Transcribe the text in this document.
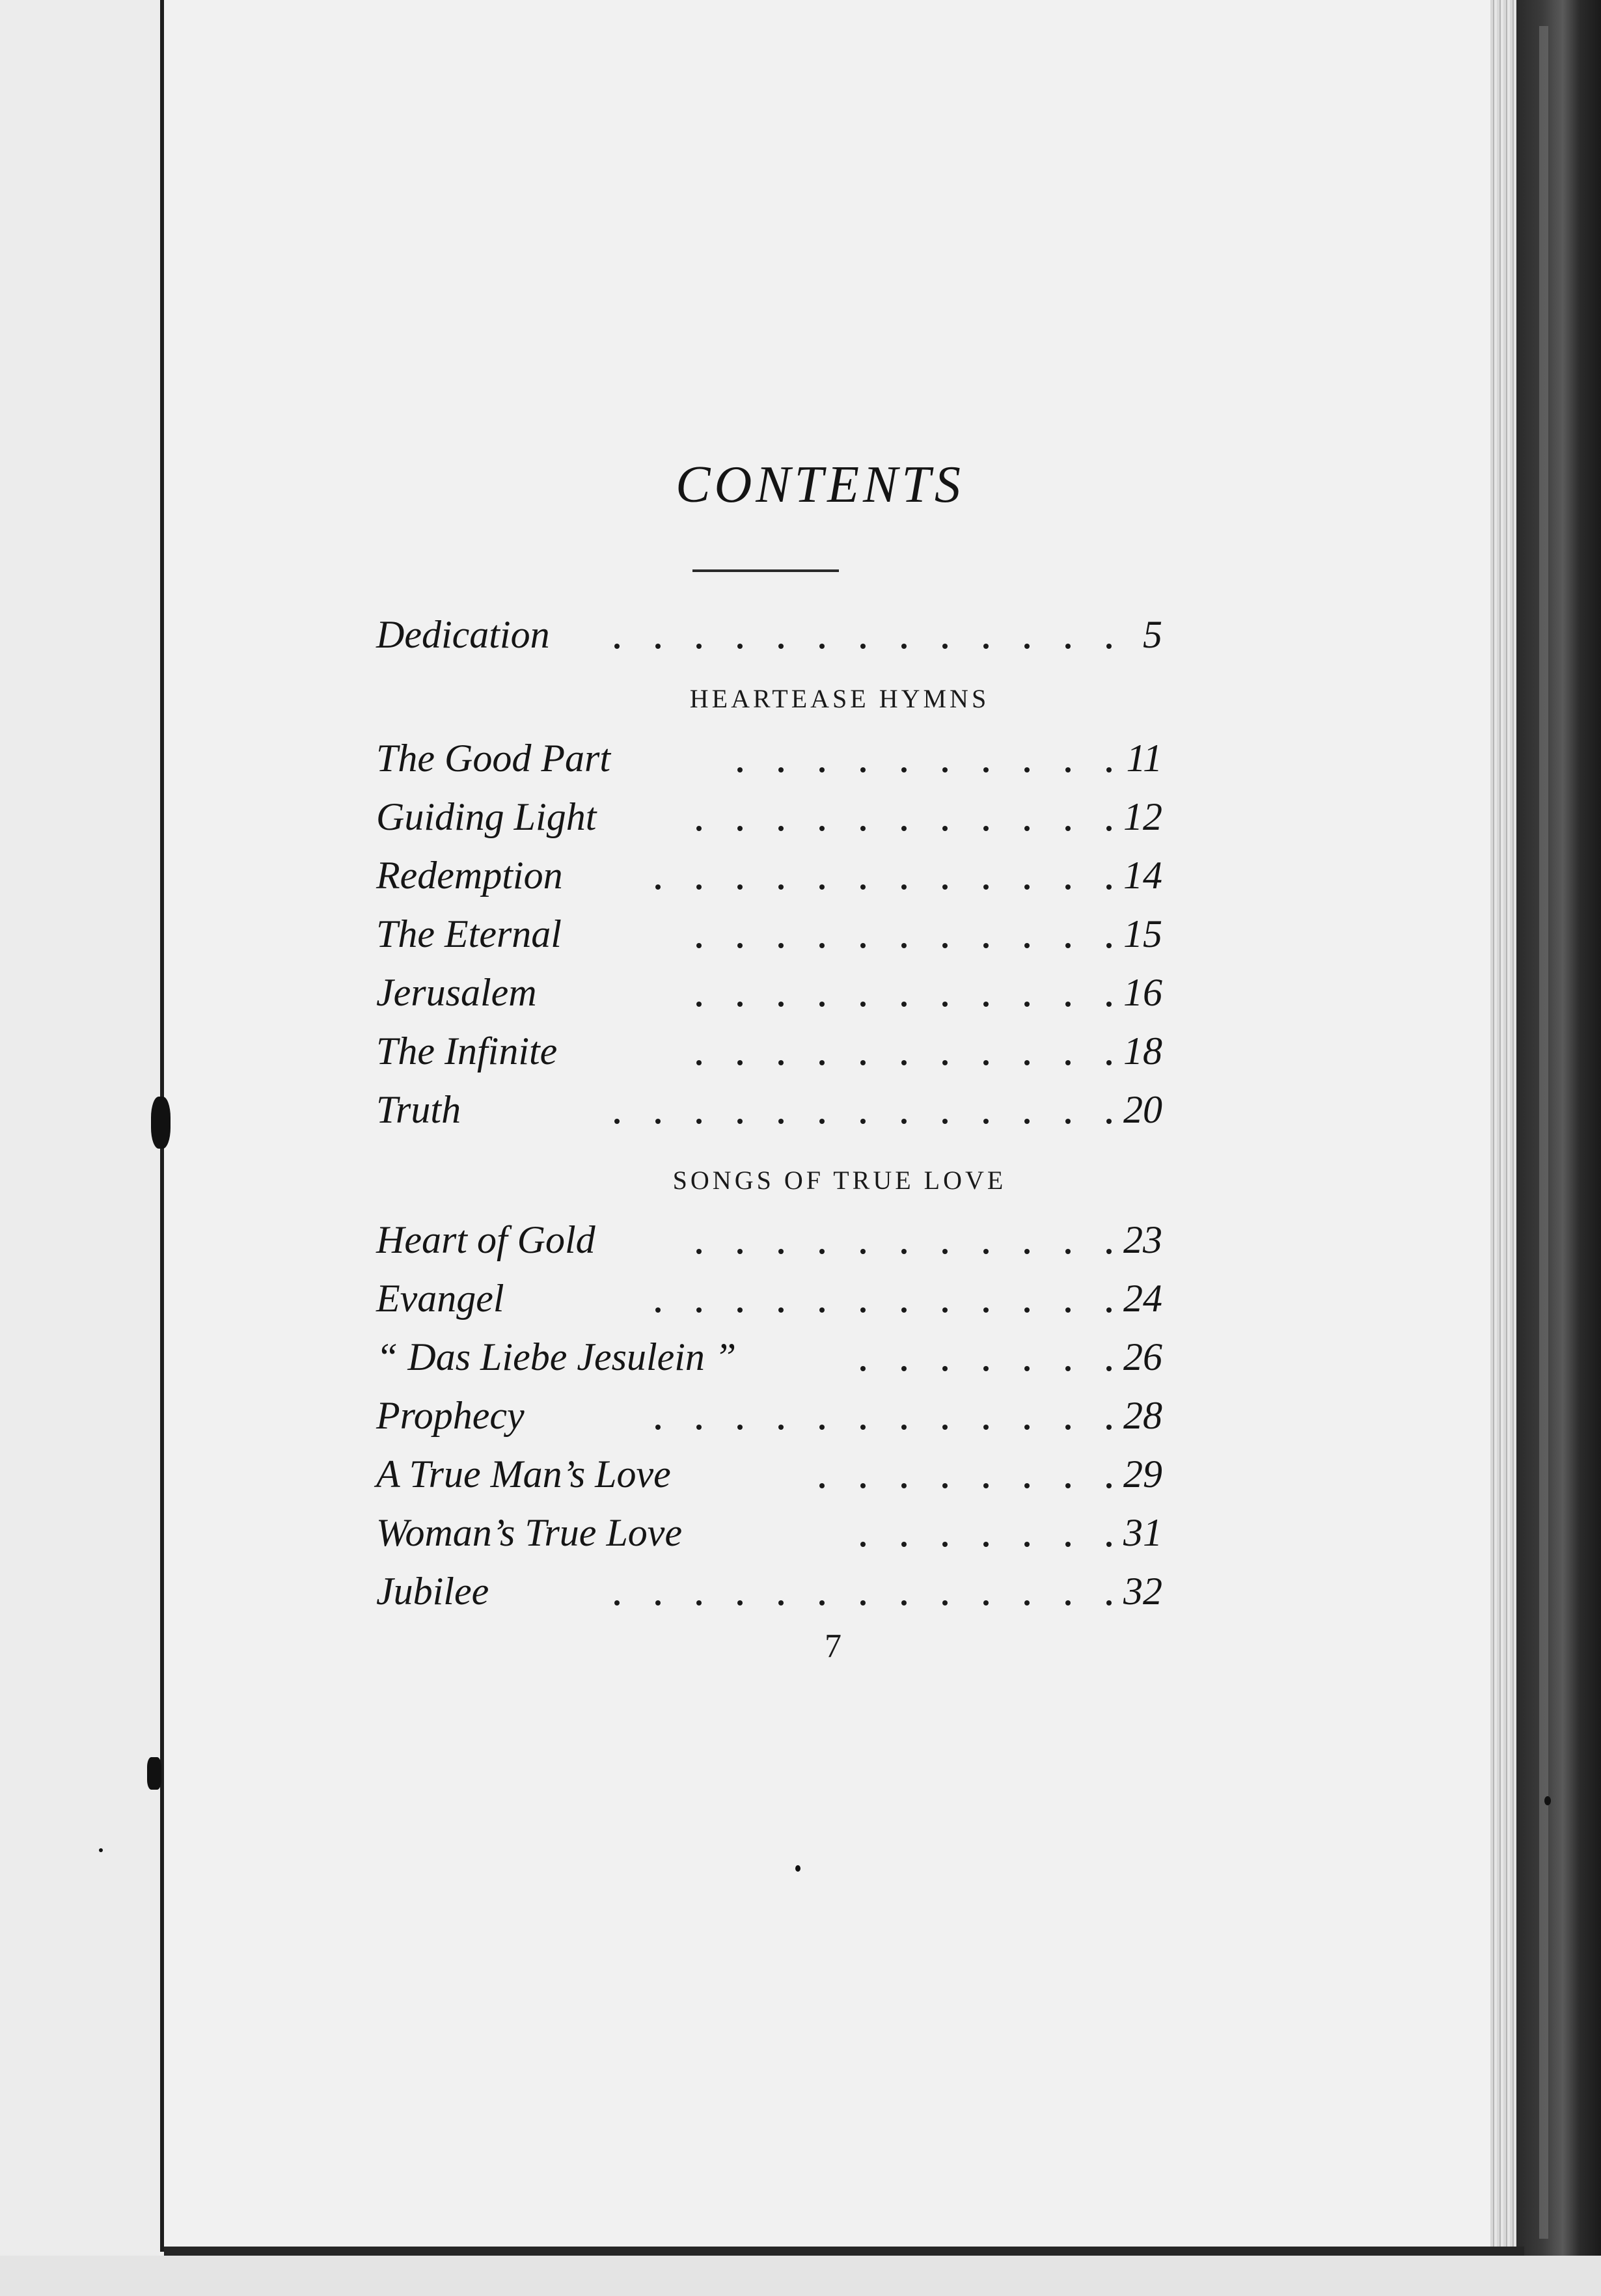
CONTENTS
Dedication	5
HEARTEASE HYMNS
The Good Part	11
Guiding Light	12
Redemption	14
The Eternal	15
Jerusalem	16
The Infinite	18
Truth	20
SONGS OF TRUE LOVE
Heart of Gold	23
Evangel	24
“ Das Liebe Jesulein ”	26
Prophecy	28
A True Man’s Love	29
Woman’s True Love	31
Jubilee	32
7
